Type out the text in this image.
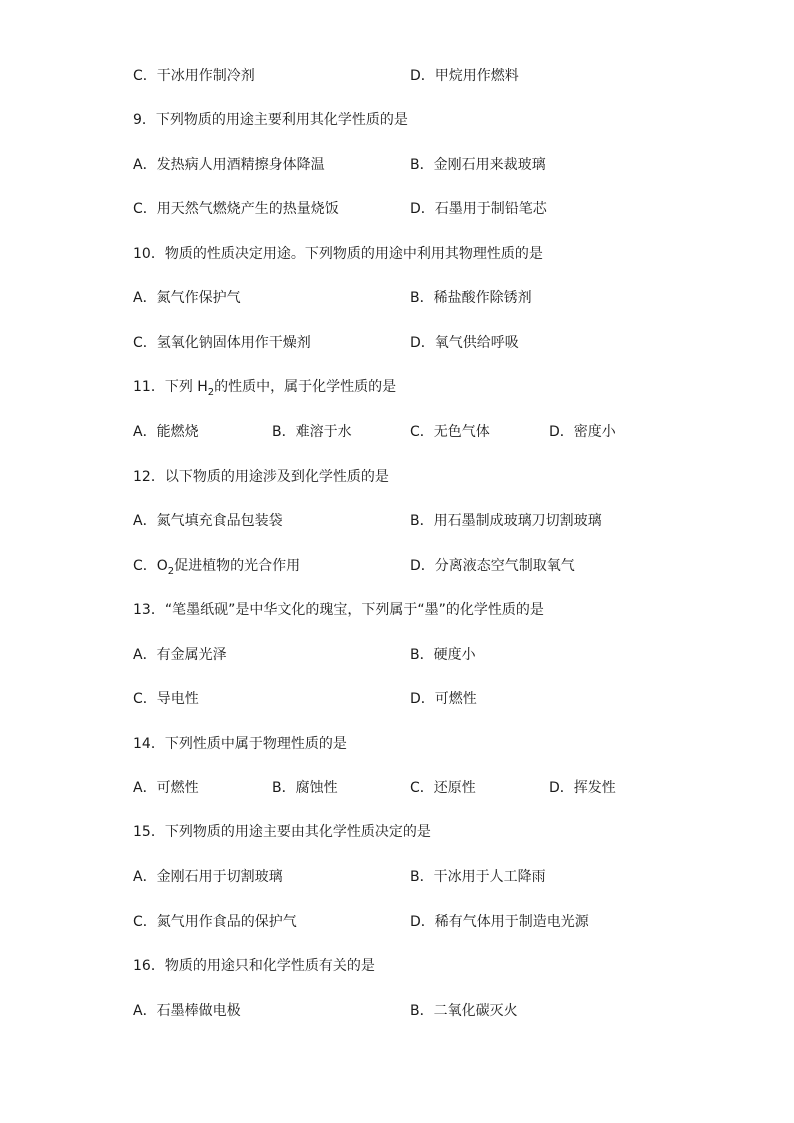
C．干冰用作制冷剂	D．甲烷用作燃料
9．下列物质的用途主要利用其化学性质的是
A．发热病人用酒精擦身体降温	B．金刚石用来裁玻璃
C．用天然气燃烧产生的热量烧饭	D．石墨用于制铅笔芯
10．物质的性质决定用途。下列物质的用途中利用其物理性质的是
A．氮气作保护气	B．稀盐酸作除锈剂
C．氢氧化钠固体用作干燥剂	D．氧气供给呼吸
11．下列 $H_2$的性质中，属于化学性质的是
A．能燃烧	B．难溶于水	C．无色气体	D．密度小
12．以下物质的用途涉及到化学性质的是
A．氮气填充食品包装袋	B．用石墨制成玻璃刀切割玻璃
C．$O_2$促进植物的光合作用	D．分离液态空气制取氧气
13．“笔墨纸砚”是中华文化的瑰宝，下列属于“墨”的化学性质的是
A．有金属光泽	B．硬度小
C．导电性	D．可燃性
14．下列性质中属于物理性质的是
A．可燃性	B．腐蚀性	C．还原性	D．挥发性
15．下列物质的用途主要由其化学性质决定的是
A．金刚石用于切割玻璃	B．干冰用于人工降雨
C．氮气用作食品的保护气	D．稀有气体用于制造电光源
16．物质的用途只和化学性质有关的是
A．石墨棒做电极	B．二氧化碳灭火
